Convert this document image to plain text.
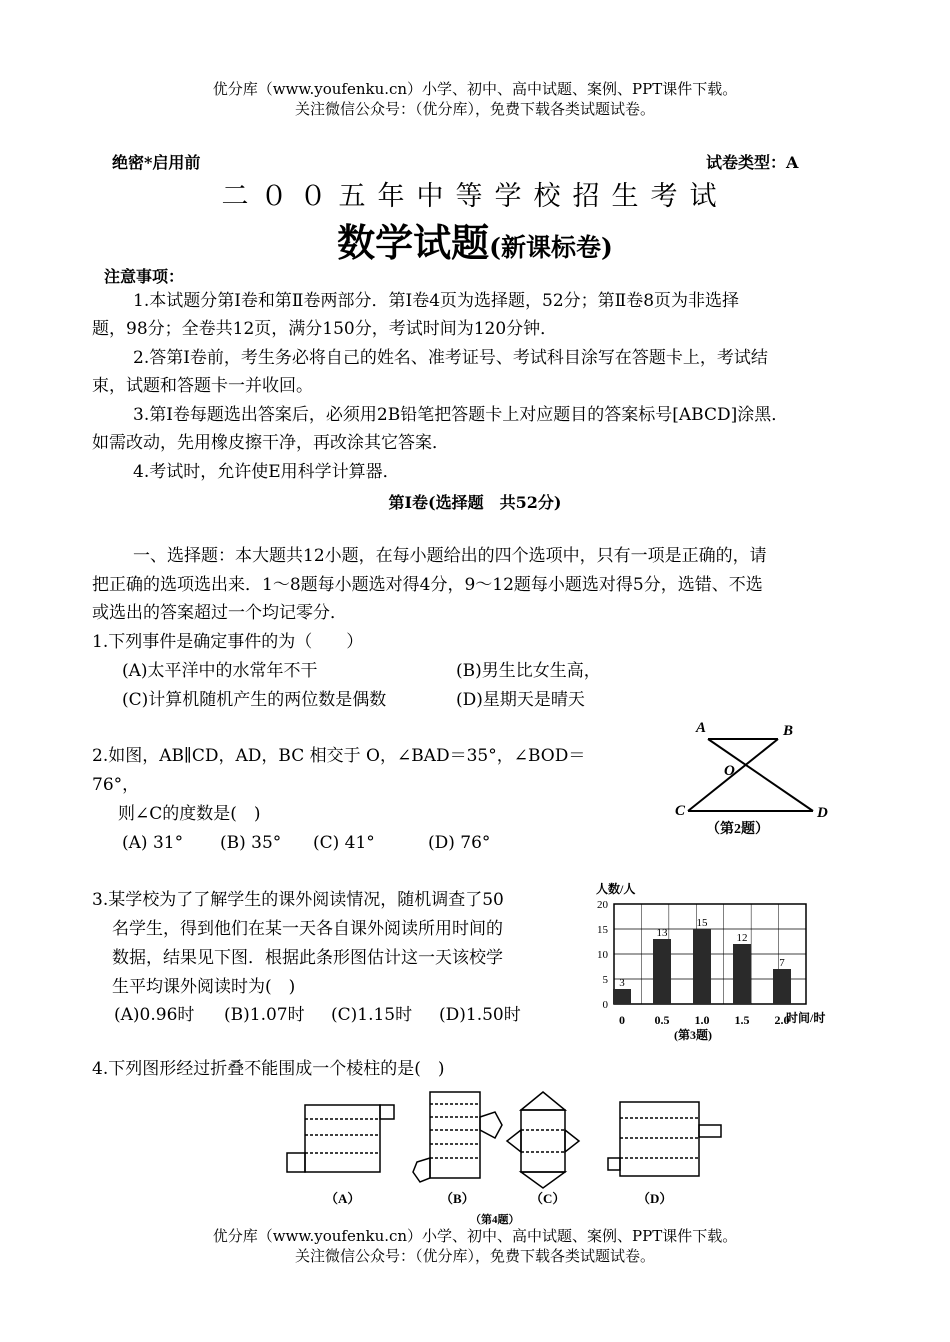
优分库（www.youfenku.cn）小学、初中、高中试题、案例、PPT课件下载。
关注微信公众号：（优分库），免费下载各类试题试卷。
绝密*启用前	试卷类型：A
二００五年中等学校招生考试
数学试题(新课标卷)
注意事项：
1.本试题分第Ⅰ卷和第Ⅱ卷两部分．第Ⅰ卷4页为选择题，52分；第Ⅱ卷8页为非选择
题，98分；全卷共12页，满分150分，考试时间为120分钟．
2.答第Ⅰ卷前，考生务必将自己的姓名、准考证号、考试科目涂写在答题卡上，考试结
束，试题和答题卡一并收回。
3.第Ⅰ卷每题选出答案后，必须用2B铅笔把答题卡上对应题目的答案标号[ABCD]涂黑．
如需改动，先用橡皮擦干净，再改涂其它答案．
4.考试时，允许使E用科学计算器．
第Ⅰ卷(选择题　共52分)
一、选择题：本大题共12小题，在每小题给出的四个选项中，只有一项是正确的，请
把正确的选项选出来．1～8题每小题选对得4分，9～12题每小题选对得5分，选错、不选
或选出的答案超过一个均记零分．
1.下列事件是确定事件的为（　　）
(A)太平洋中的水常年不干	(B)男生比女生高，
(C)计算机随机产生的两位数是偶数	(D)星期天是晴天
2.如图，AB∥CD，AD，BC 相交于 O，∠BAD＝35°，∠BOD＝
76°，
则∠C的度数是(　)
(A) 31° (B) 35° (C) 41°	(D) 76°
A	B
O
C	D
（第2题）
3.某学校为了了解学生的课外阅读情况，随机调查了50
名学生，得到他们在某一天各自课外阅读所用时间的
数据，结果见下图．根据此条形图估计这一天该校学
生平均课外阅读时为(　)
(A)0.96时 (B)1.07时 (C)1.15时 (D)1.50时
人数/人
时间/时
(第3题)
0
5
10
15
20
3
0
13
0.5
15
1.0
12
1.5
7
2.0
4.下列图形经过折叠不能围成一个棱柱的是(　)
（A）	（B）	（C）	（D）
（第4题）
优分库（www.youfenku.cn）小学、初中、高中试题、案例、PPT课件下载。
关注微信公众号：（优分库），免费下载各类试题试卷。
